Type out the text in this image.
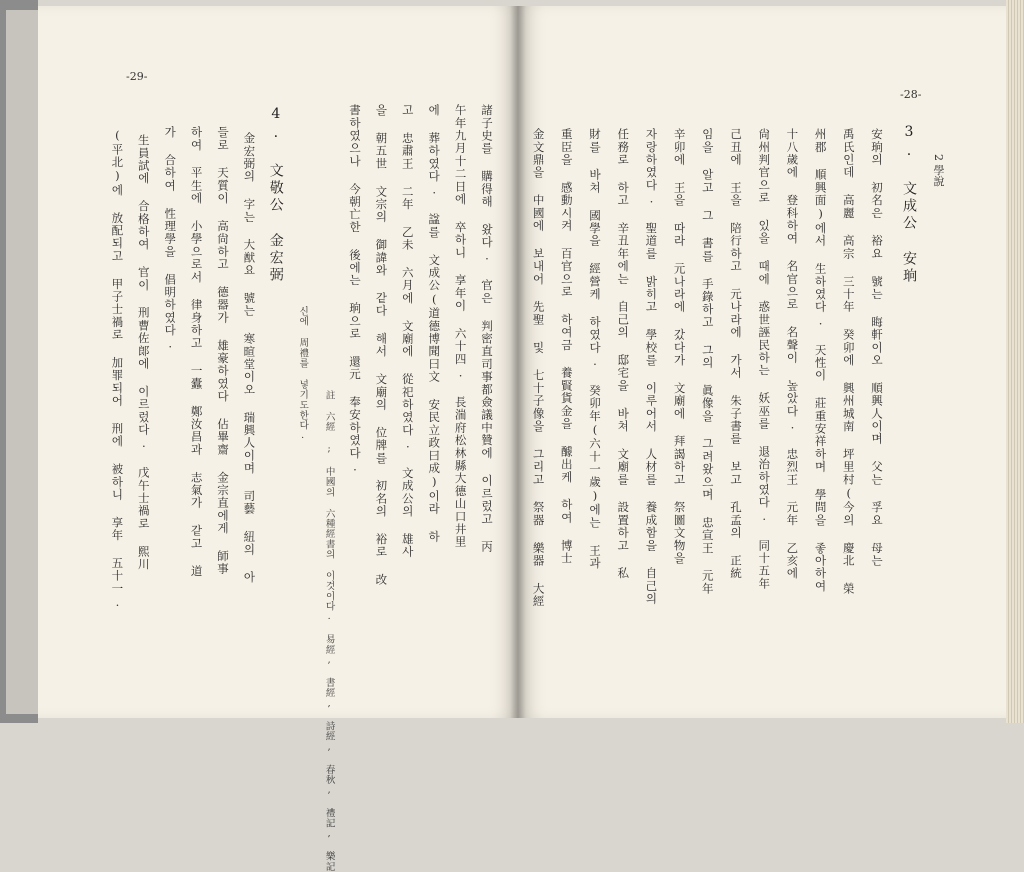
-29-
諸子史를 購得해 왔다. 官은 判密直司事都僉議中贊에 이르렀고 丙
午年九月十二日에 卒하니 享年이 六十四. 長湍府松林縣大德山口井里
에 葬하였다. 諡를 文成公(道德博聞曰文 安民立政曰成)이라 하
고 忠肅王 二年 乙未 六月에 文廟에 從祀하였다. 文成公의 雄사
을 朝五世 文宗의 御諱와 같다 해서 文廟의 位牌를 初名의 裕로 改
書하였으나 今朝亡한 後에는 珦으로 還元 奉安하였다.
註 六經 ; 中國의 六種經書의 이것이다. 易經, 書經, 詩經, 春秋, 禮記, 樂記
신에 周禮를 넣기도한다.
4. 文敬公 金宏弼
金宏弼의 字는 大猷요 號는 寒暄堂이오 瑞興人이며 司藝 紐의 아
들로 天質이 高尙하고 德器가 雄豪하였다 佔畢齋 金宗直에게 師事
하여 平生에 小學으로서 律身하고 一蠹 鄭汝昌과 志氣가 같고 道
가 合하여 性理學을 倡明하였다.
生員試에 合格하여 官이 刑曹佐郞에 이르렀다. 戊午士禍로 熙川
(平北)에 放配되고 甲子士禍로 加罪되어 刑에 被하니 享年 五十一.
-28-
2 學說
3. 文成公 安珦
安珦의 初名은 裕요 號는 晦軒이오 順興人이며 父는 孚요 母는
禹氏인데 高麗 高宗 三十年 癸卯에 興州城南 坪里村(今의 慶北 榮
州郡 順興面)에서 生하였다. 天性이 莊重安祥하며 學問을 좋아하여
十八歲에 登科하여 名官으로 名聲이 높았다. 忠烈王 元年 乙亥에
尙州判官으로 있을 때에 惑世誣民하는 妖巫를 退治하였다. 同十五年
己丑에 王을 陪行하고 元나라에 가서 朱子書를 보고 孔孟의 正統
임을 알고 그 書를 手錄하고 그의 眞像을 그려왔으며 忠宣王 元年
辛卯에 王을 따라 元나라에 갔다가 文廟에 拜謁하고 祭圖文物을
자랑하였다. 聖道를 밝히고 學校를 이루어서 人材를 養成함을 自己의
任務로 하고 辛丑年에는 自己의 邸宅을 바쳐 文廟를 設置하고 私
財를 바쳐 國學을 經營케 하였다. 癸卯年(六十一歲)에는 王과
重臣을 感動시켜 百官으로 하여금 養賢貨金을 醵出케 하여 博士
金文鼎을 中國에 보내어 先聖 및 七十子像을 그리고 祭器 樂器 大經
